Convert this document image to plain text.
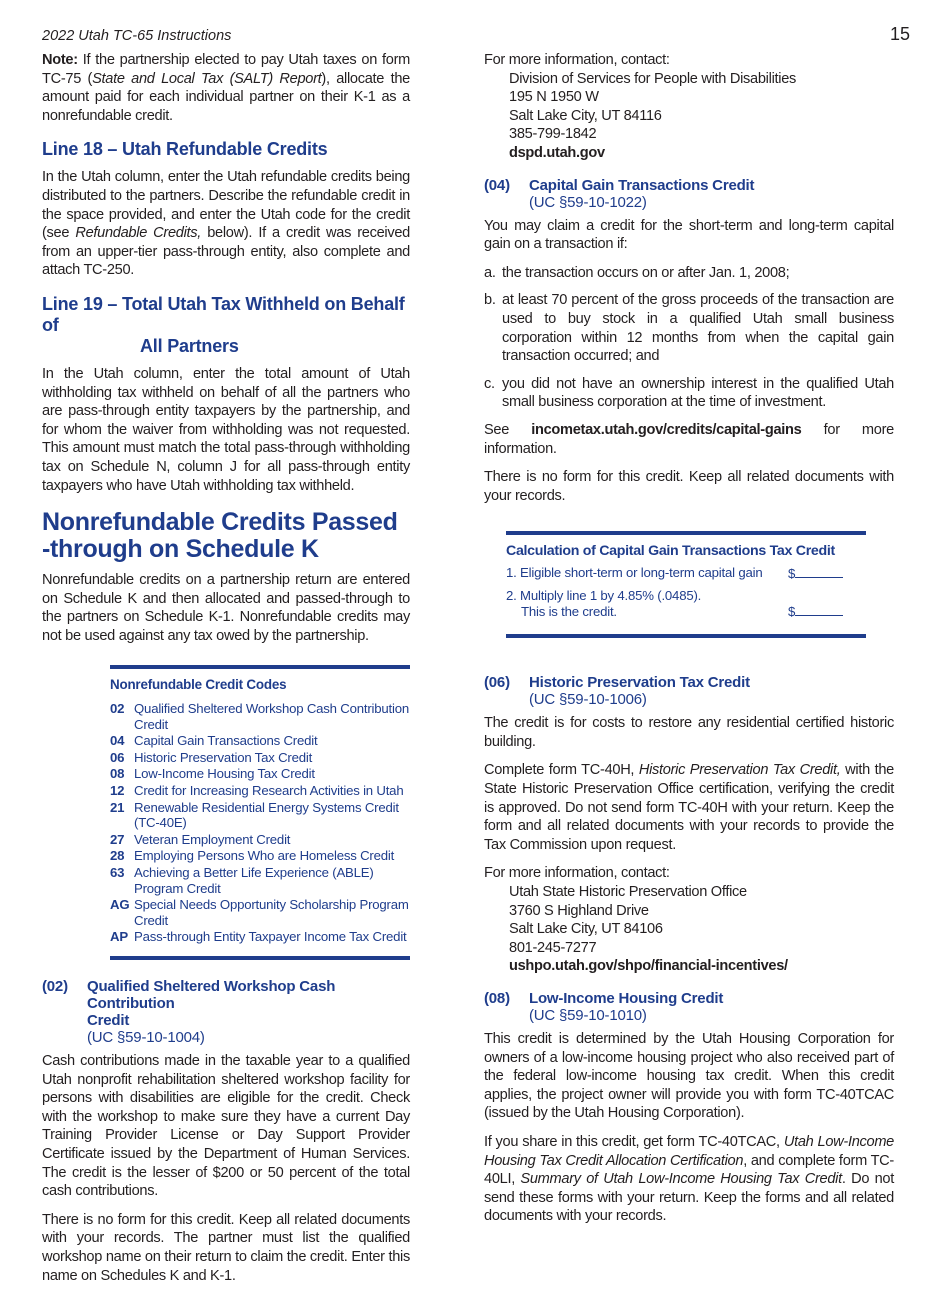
2022 Utah TC-65 Instructions	15

Note: If the partnership elected to pay Utah taxes on form TC-75 (State and Local Tax (SALT) Report), allocate the amount paid for each individual partner on their K-1 as a nonrefundable credit.

Line 18 – Utah Refundable Credits

In the Utah column, enter the Utah refundable credits being distributed to the partners. Describe the refundable credit in the space provided, and enter the Utah code for the credit (see Refundable Credits, below). If a credit was received from an upper-tier pass-through entity, also complete and attach TC-250.

Line 19 – Total Utah Tax Withheld on Behalf of
All Partners

In the Utah column, enter the total amount of Utah withholding tax withheld on behalf of all the partners who are pass-through entity taxpayers by the partnership, and for whom the waiver from withholding was not requested. This amount must match the total pass-through withholding tax on Schedule N, column J for all pass-through entity taxpayers who have Utah withholding tax withheld.

Nonrefundable Credits Passed
-through on Schedule K

Nonrefundable credits on a partnership return are entered on Schedule K and then allocated and passed-through to the partners on Schedule K-1. Nonrefundable credits may not be used against any tax owed by the partnership.

Nonrefundable Credit Codes
02 Qualified Sheltered Workshop Cash Contribution Credit
04 Capital Gain Transactions Credit
06 Historic Preservation Tax Credit
08 Low-Income Housing Tax Credit
12 Credit for Increasing Research Activities in Utah
21 Renewable Residential Energy Systems Credit (TC-40E)
27 Veteran Employment Credit
28 Employing Persons Who are Homeless Credit
63 Achieving a Better Life Experience (ABLE) Program Credit
AG Special Needs Opportunity Scholarship Program Credit
AP Pass-through Entity Taxpayer Income Tax Credit
(02)	Qualified Sheltered Workshop Cash Contribution
Credit
(UC §59-10-1004)

Cash contributions made in the taxable year to a qualified Utah nonprofit rehabilitation sheltered workshop facility for persons with disabilities are eligible for the credit. Check with the workshop to make sure they have a current Day Training Provider License or Day Support Provider Certificate issued by the Department of Human Services. The credit is the lesser of $200 or 50 percent of the total cash contributions.

There is no form for this credit. Keep all related documents with your records. The partner must list the qualified workshop name on their return to claim the credit. Enter this name on Schedules K and K-1.

For more information, contact:
Division of Services for People with Disabilities
195 N 1950 W
Salt Lake City, UT 84116
385-799-1842
dspd.utah.gov
(04) Capital Gain Transactions Credit
(UC §59-10-1022)

You may claim a credit for the short-term and long-term capital gain on a transaction if:

a. the transaction occurs on or after Jan. 1, 2008;
b. at least 70 percent of the gross proceeds of the transaction are used to buy stock in a qualified Utah small business corporation within 12 months from when the capital gain transaction occurred; and
c. you did not have an ownership interest in the qualified Utah small business corporation at the time of investment.

See incometax.utah.gov/credits/capital-gains for more information.

There is no form for this credit. Keep all related documents with your records.

Calculation of Capital Gain Transactions Tax Credit
1. Eligible short-term or long-term capital gain $
2. Multiply line 1 by 4.85% (.0485).
This is the credit.	$
(06) Historic Preservation Tax Credit
(UC §59-10-1006)

The credit is for costs to restore any residential certified historic building.

Complete form TC-40H, Historic Preservation Tax Credit, with the State Historic Preservation Office certification, verifying the credit is approved. Do not send form TC-40H with your return. Keep the form and all related documents with your records to provide the Tax Commission upon request.

For more information, contact:
Utah State Historic Preservation Office
3760 S Highland Drive
Salt Lake City, UT 84106
801-245-7277
ushpo.utah.gov/shpo/financial-incentives/
(08) Low-Income Housing Credit
(UC §59-10-1010)

This credit is determined by the Utah Housing Corporation for owners of a low-income housing project who also received part of the federal low-income housing tax credit. When this credit applies, the project owner will provide you with form TC-40TCAC (issued by the Utah Housing Corporation).

If you share in this credit, get form TC-40TCAC, Utah Low-Income Housing Tax Credit Allocation Certification, and complete form TC-40LI, Summary of Utah Low-Income Housing Tax Credit. Do not send these forms with your return. Keep the forms and all related documents with your records.
